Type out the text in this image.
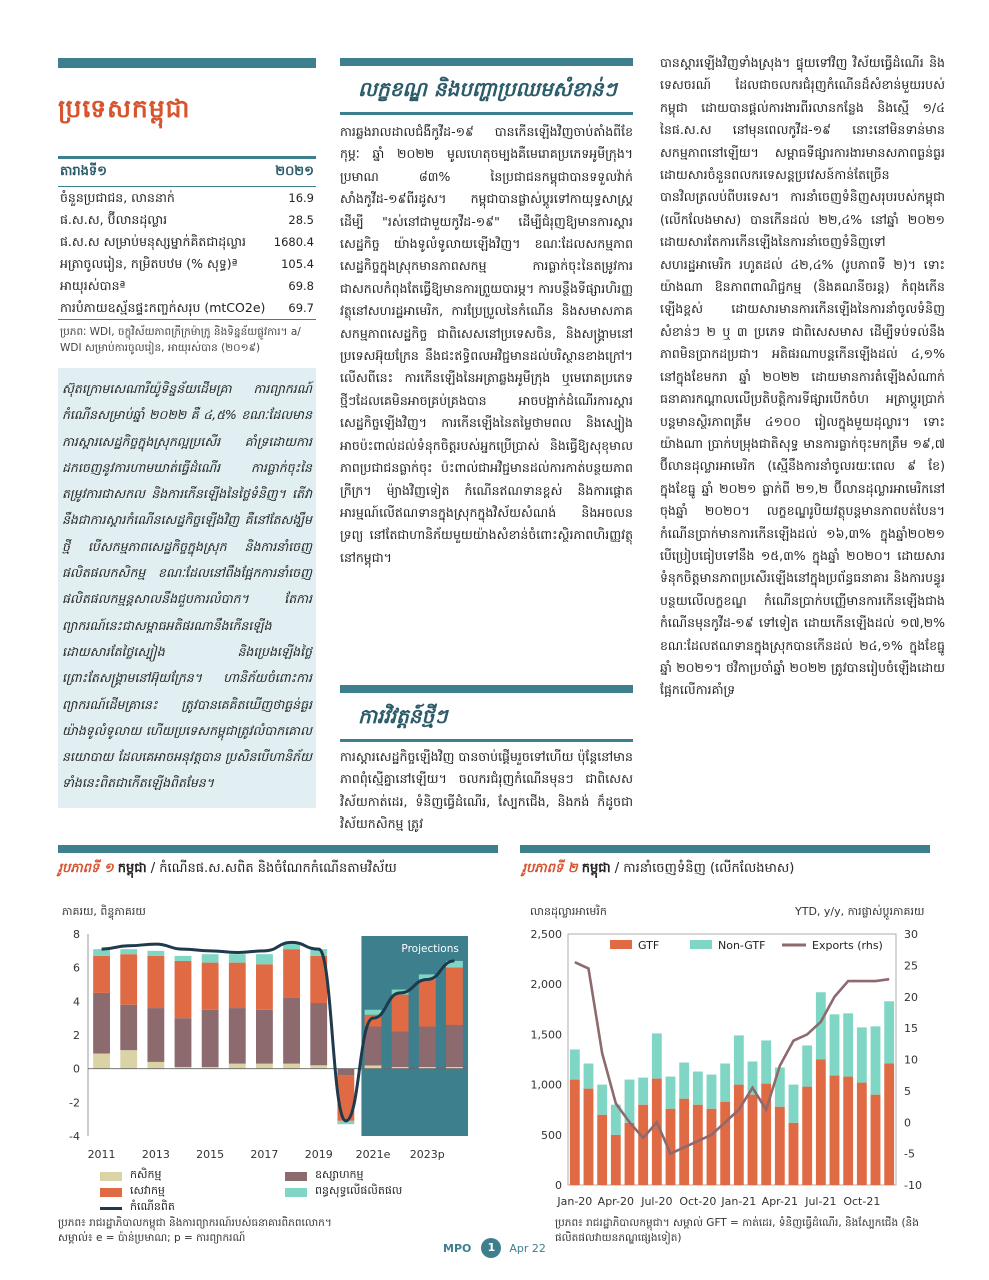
ប្រទេសកម្ពុជា
តារាងទី១	២០២១
ចំនួនប្រជាជន, លាននាក់	16.9
ផ.ស.ស, ប៊ីលានដុល្លារ	28.5
ផ.ស.ស សម្រាប់មនុស្សម្នាក់គិតជាដុល្លារ 1680.4
អត្រាចូលរៀន, កម្រិតបឋម (% សុទ្ធ)ª	105.4
អាយុរស់បានª	69.8
ការបំភាយឧស្ម័នផ្ទះកញ្ចក់សរុប (mtCO2e) 69.7
ប្រភពៈ WDI, ចក្ខុវិស័យភាពក្រីក្រម៉ាក្រូ និងទិន្នន័យផ្លូវការ។ a/ WDI សម្រាប់ការចូលរៀន, អាយុរស់បាន (២០១៩)
ស៊ុតក្រោមសេណារីយ៉ូទិន្នន័យដើមគ្រា ការព្យាករណ៍កំណើនសម្រាប់ឆ្នាំ ២០២២ គឺ ៤,៥% ខណៈដែលមានការស្តារសេដ្ឋកិច្ចក្នុងស្រុកល្អប្រសើរ គាំទ្រដោយការដកចេញនូវការហាមឃាត់ធ្វើដំណើរ ការធ្លាក់ចុះនៃតម្រូវការជាសកល និងការកើនឡើងនៃថ្លៃទំនិញ។ តើវានឹងជាការស្តារកំណើនសេដ្ឋកិច្ចឡើងវិញ គឺនៅតែសង្ឃឹមថ្មី បើសកម្មភាពសេដ្ឋកិច្ចក្នុងស្រុក និងការនាំចេញផលិតផលកសិកម្ម ខណៈដែលនៅពឹងផ្អែកការនាំចេញផលិតផលកម្មន្តសាលនឹងជួបការលំបាក។ តែការព្យាករណ៍នេះជាសម្ពាធអតិផរណានឹងកើនឡើង ដោយសារតែថ្លៃស្បៀង និងប្រេងឡើងថ្លៃ ព្រោះតែសង្គ្រាមនៅអ៊ុយក្រែន។ ហានិភ័យចំពោះការព្យាករណ៍ដើមគ្រានេះ ត្រូវបានគេគិតឃើញថាធ្ងន់ធ្ងរយ៉ាងទូលំទូលាយ ហើយប្រទេសកម្ពុជាត្រូវលំបាកគោលនយោបាយ ដែលគេអាចអនុវត្តបាន ប្រសិនបើហានិភ័យទាំងនេះពិតជាកើតឡើងពិតមែន។
លក្ខខណ្ឌ និងបញ្ហាប្រឈមសំខាន់ៗ
ការឆ្លងរាលដាលជំងឺកូវីដ-១៩ បានកើនឡើងវិញចាប់តាំងពីខែកុម្ភៈ ឆ្នាំ ២០២២ មូលហេតុចម្បងគឺមេរោគប្រភេទអូមីក្រុង។ ប្រមាណ ៨៣% នៃប្រជាជនកម្ពុជាបានទទួលវ៉ាក់សាំងកូវីដ-១៩ពីរដូស។ កម្ពុជាបានផ្លាស់ប្តូរទៅកាយុទ្ធសាស្ត្រ ដើម្បី "រស់នៅជាមួយកូវីដ-១៩" ដើម្បីជំរុញឱ្យមានការស្តារសេដ្ឋកិច្ច យ៉ាងទូលំទូលាយឡើងវិញ។ ខណៈដែលសកម្មភាពសេដ្ឋកិច្ចក្នុងស្រុកមានភាពសកម្ម ការធ្លាក់ចុះនៃតម្រូវការជាសកលកំពុងតែធ្វើឱ្យមានការព្រួយបារម្ភ។ ការបន្ថឹងទីផ្សារហិរញ្ញវត្ថុនៅសហរដ្ឋអាមេរិក, ការប្រែប្រួលនៃកំណើន និងសមាសភាគសកម្មភាពសេដ្ឋកិច្ច ជាពិសេសនៅប្រទេសចិន, និងសង្គ្រាមនៅប្រទេសអ៊ុយក្រែន នឹងជះឥទ្ធិពលអវិជ្ជមានដល់បរិស្ថានខាងក្រៅ។ លើសពីនេះ ការកើនឡើងនៃអត្រាឆ្លងអូមីក្រុង ឬមេរោគប្រភេទថ្មីៗដែលគេមិនអាចគ្រប់គ្រងបាន អាចបង្អាក់ដំណើរការស្តារសេដ្ឋកិច្ចឡើងវិញ។ ការកើនឡើងនៃតម្លៃថាមពល និងស្បៀង អាចប៉ះពាល់ដល់ទំនុកចិត្តរបស់អ្នកប្រើប្រាស់ និងធ្វើឱ្យសុខុមាលភាពប្រជាជនធ្លាក់ចុះ ប៉ះពាល់ជាអវិជ្ជមានដល់ការកាត់បន្ថយភាពក្រីក្រ។ ម៉្យាងវិញទៀត កំណើនឥណទានខ្ពស់ និងការផ្តោតអារម្មណ៍លើឥណទានក្នុងស្រុកក្នុងវិស័យសំណង់ និងអចលនទ្រព្យ នៅតែជាហានិភ័យមួយយ៉ាងសំខាន់ចំពោះស្ថិរភាពហិរញ្ញវត្ថុនៅកម្ពុជា។
ការវិវត្តន៍ថ្មីៗ
ការស្តារសេដ្ឋកិច្ចឡើងវិញ បានចាប់ផ្តើមរួចទៅហើយ ប៉ុន្តែនៅមានភាពពុំស្មើគ្នានៅឡើយ។ ចលករជំរុញកំណើនមុនៗ ជាពិសេសវិស័យកាត់ដេរ, ទំនិញធ្វើដំណើរ, ស្បែកជើង, និងកង់ ក៏ដូចជាវិស័យកសិកម្ម ត្រូវ
បានស្តារឡើងវិញទាំងស្រុង។ ផ្ទុយទៅវិញ វិស័យធ្វើដំណើរ និងទេសចរណ៍ ដែលជាចលករជំរុញកំណើនដ៏សំខាន់មួយរបស់កម្ពុជា ដោយបានផ្តល់ការងារពីរលានកន្លែង និងស្មើ ១/៤ នៃផ.ស.ស នៅមុនពេលកូវីដ-១៩ នោះនៅមិនទាន់មានសកម្មភាពនៅឡើយ។ សម្ពាធទីផ្សារការងារមានសភាពធ្ងន់ធ្ងរ ដោយសារចំនួនពលករទេសន្តប្រវេសន៍កាន់តែច្រើនបានវិលត្រលប់ពីបរទេស។ ការនាំចេញទំនិញសរុបរបស់កម្ពុជា (លើកលែងមាស) បានកើនដល់ ២២,៤% នៅឆ្នាំ ២០២១ ដោយសារតែការកើនឡើងនៃការនាំចេញទំនិញទៅសហរដ្ឋអាមេរិក រហូតដល់ ៤២,៤% (រូបភាពទី ២)។ ទោះយ៉ាងណា ឱនភាពពាណិជ្ជកម្ម (និងគណនីចរន្ត) កំពុងកើនឡើងខ្ពស់ ដោយសារមានការកើនឡើងនៃការនាំចូលទំនិញសំខាន់ៗ ២ ឬ ៣ ប្រភេទ ជាពិសេសមាស ដើម្បីទប់ទល់នឹងភាពមិនប្រាកដប្រជា។ អតិផរណាបន្តកើនឡើងដល់ ៤,១% នៅក្នុងខែមករា ឆ្នាំ ២០២២ ដោយមានការតំឡើងសំណាក់ធនាគារកណ្តាលលើប្រតិបត្តិការទីផ្សារបើកចំហ អត្រាប្តូរប្រាក់បន្តមានស្ថិរភាពត្រឹម ៤១០០ រៀលក្នុងមួយដុល្លារ។ ទោះយ៉ាងណា ប្រាក់បម្រុងជាតិសុទ្ធ មានការធ្លាក់ចុះមកត្រឹម ១៩,៧ ប៊ីលានដុល្លារអាមេរិក (ស្មើនឹងការនាំចូលរយៈពេល ៩ ខែ) ក្នុងខែធ្នូ ឆ្នាំ ២០២១ ធ្លាក់ពី ២១,២ ប៊ីលានដុល្លារអាមេរិកនៅចុងឆ្នាំ ២០២០។ លក្ខខណ្ឌរូបិយវត្ថុបន្តមានភាពបត់បែន។ កំណើនប្រាក់មានការកើនឡើងដល់ ១៦,៣% ក្នុងឆ្នាំ២០២១ បើប្រៀបធៀបទៅនឹង ១៥,៣% ក្នុងឆ្នាំ ២០២០។ ដោយសារទំនុកចិត្តមានភាពប្រសើរឡើងនៅក្នុងប្រព័ន្ធធនាគារ និងការបន្ធូរបន្ថយលើលក្ខខណ្ឌ កំណើនប្រាក់បញ្ញើមានការកើនឡើងជាងកំណើនមុនកូវីដ-១៩ ទៅទៀត ដោយកើនឡើងដល់ ១៧,២% ខណៈដែលឥណទានក្នុងស្រុកបានកើនដល់ ២៤,១% ក្នុងខែធ្នូ ឆ្នាំ ២០២១។ ថវិកាប្រចាំឆ្នាំ ២០២២ ត្រូវបានរៀបចំឡើងដោយផ្អែកលើការគាំទ្រ
រូបភាពទី ១ កម្ពុជា / កំណើនផ.ស.សពិត និងចំណែកកំណើនតាមវិស័យ
ភាគរយ, ពិន្ទុភាគរយ
Projections
8
6
4
2
0
-2
-4
2011 2013 2015 2017 2019 2021e 2023p
កសិកម្ម	ឧស្សាហកម្ម
សេវាកម្ម	ពន្ធសុទ្ធលើផលិតផល
កំណើនពិត
ប្រភព៖ រាជរដ្ឋាភិបាលកម្ពុជា និងការព្យាករណ៍របស់ធនាគារពិភពលោក។
សម្គាល់៖ e = ប៉ាន់ប្រមាណ; p = ការព្យាករណ៍
រូបភាពទី ២ កម្ពុជា / ការនាំចេញទំនិញ (លើកលែងមាស)
លានដុល្លារអាមេរិក	YTD, y/y, ការផ្លាស់ប្តូរភាគរយ
2,500
2,000
1,500
1,000
500
0
30
25
20
15
10
5
0
-5
-10
Jan-20 Apr-20 Jul-20 Oct-20 Jan-21 Apr-21 Jul-21 Oct-21
GTF	Non-GTF	Exports (rhs)
ប្រភព៖ រាជរដ្ឋាភិបាលកម្ពុជា។ សម្គាល់ GFT = កាត់ដេរ, ទំនិញធ្វើដំណើរ, និងស្បែកជើង (និងផលិតផលវាយនភណ្ឌផ្សេងទៀត)
MPO	1	Apr 22
